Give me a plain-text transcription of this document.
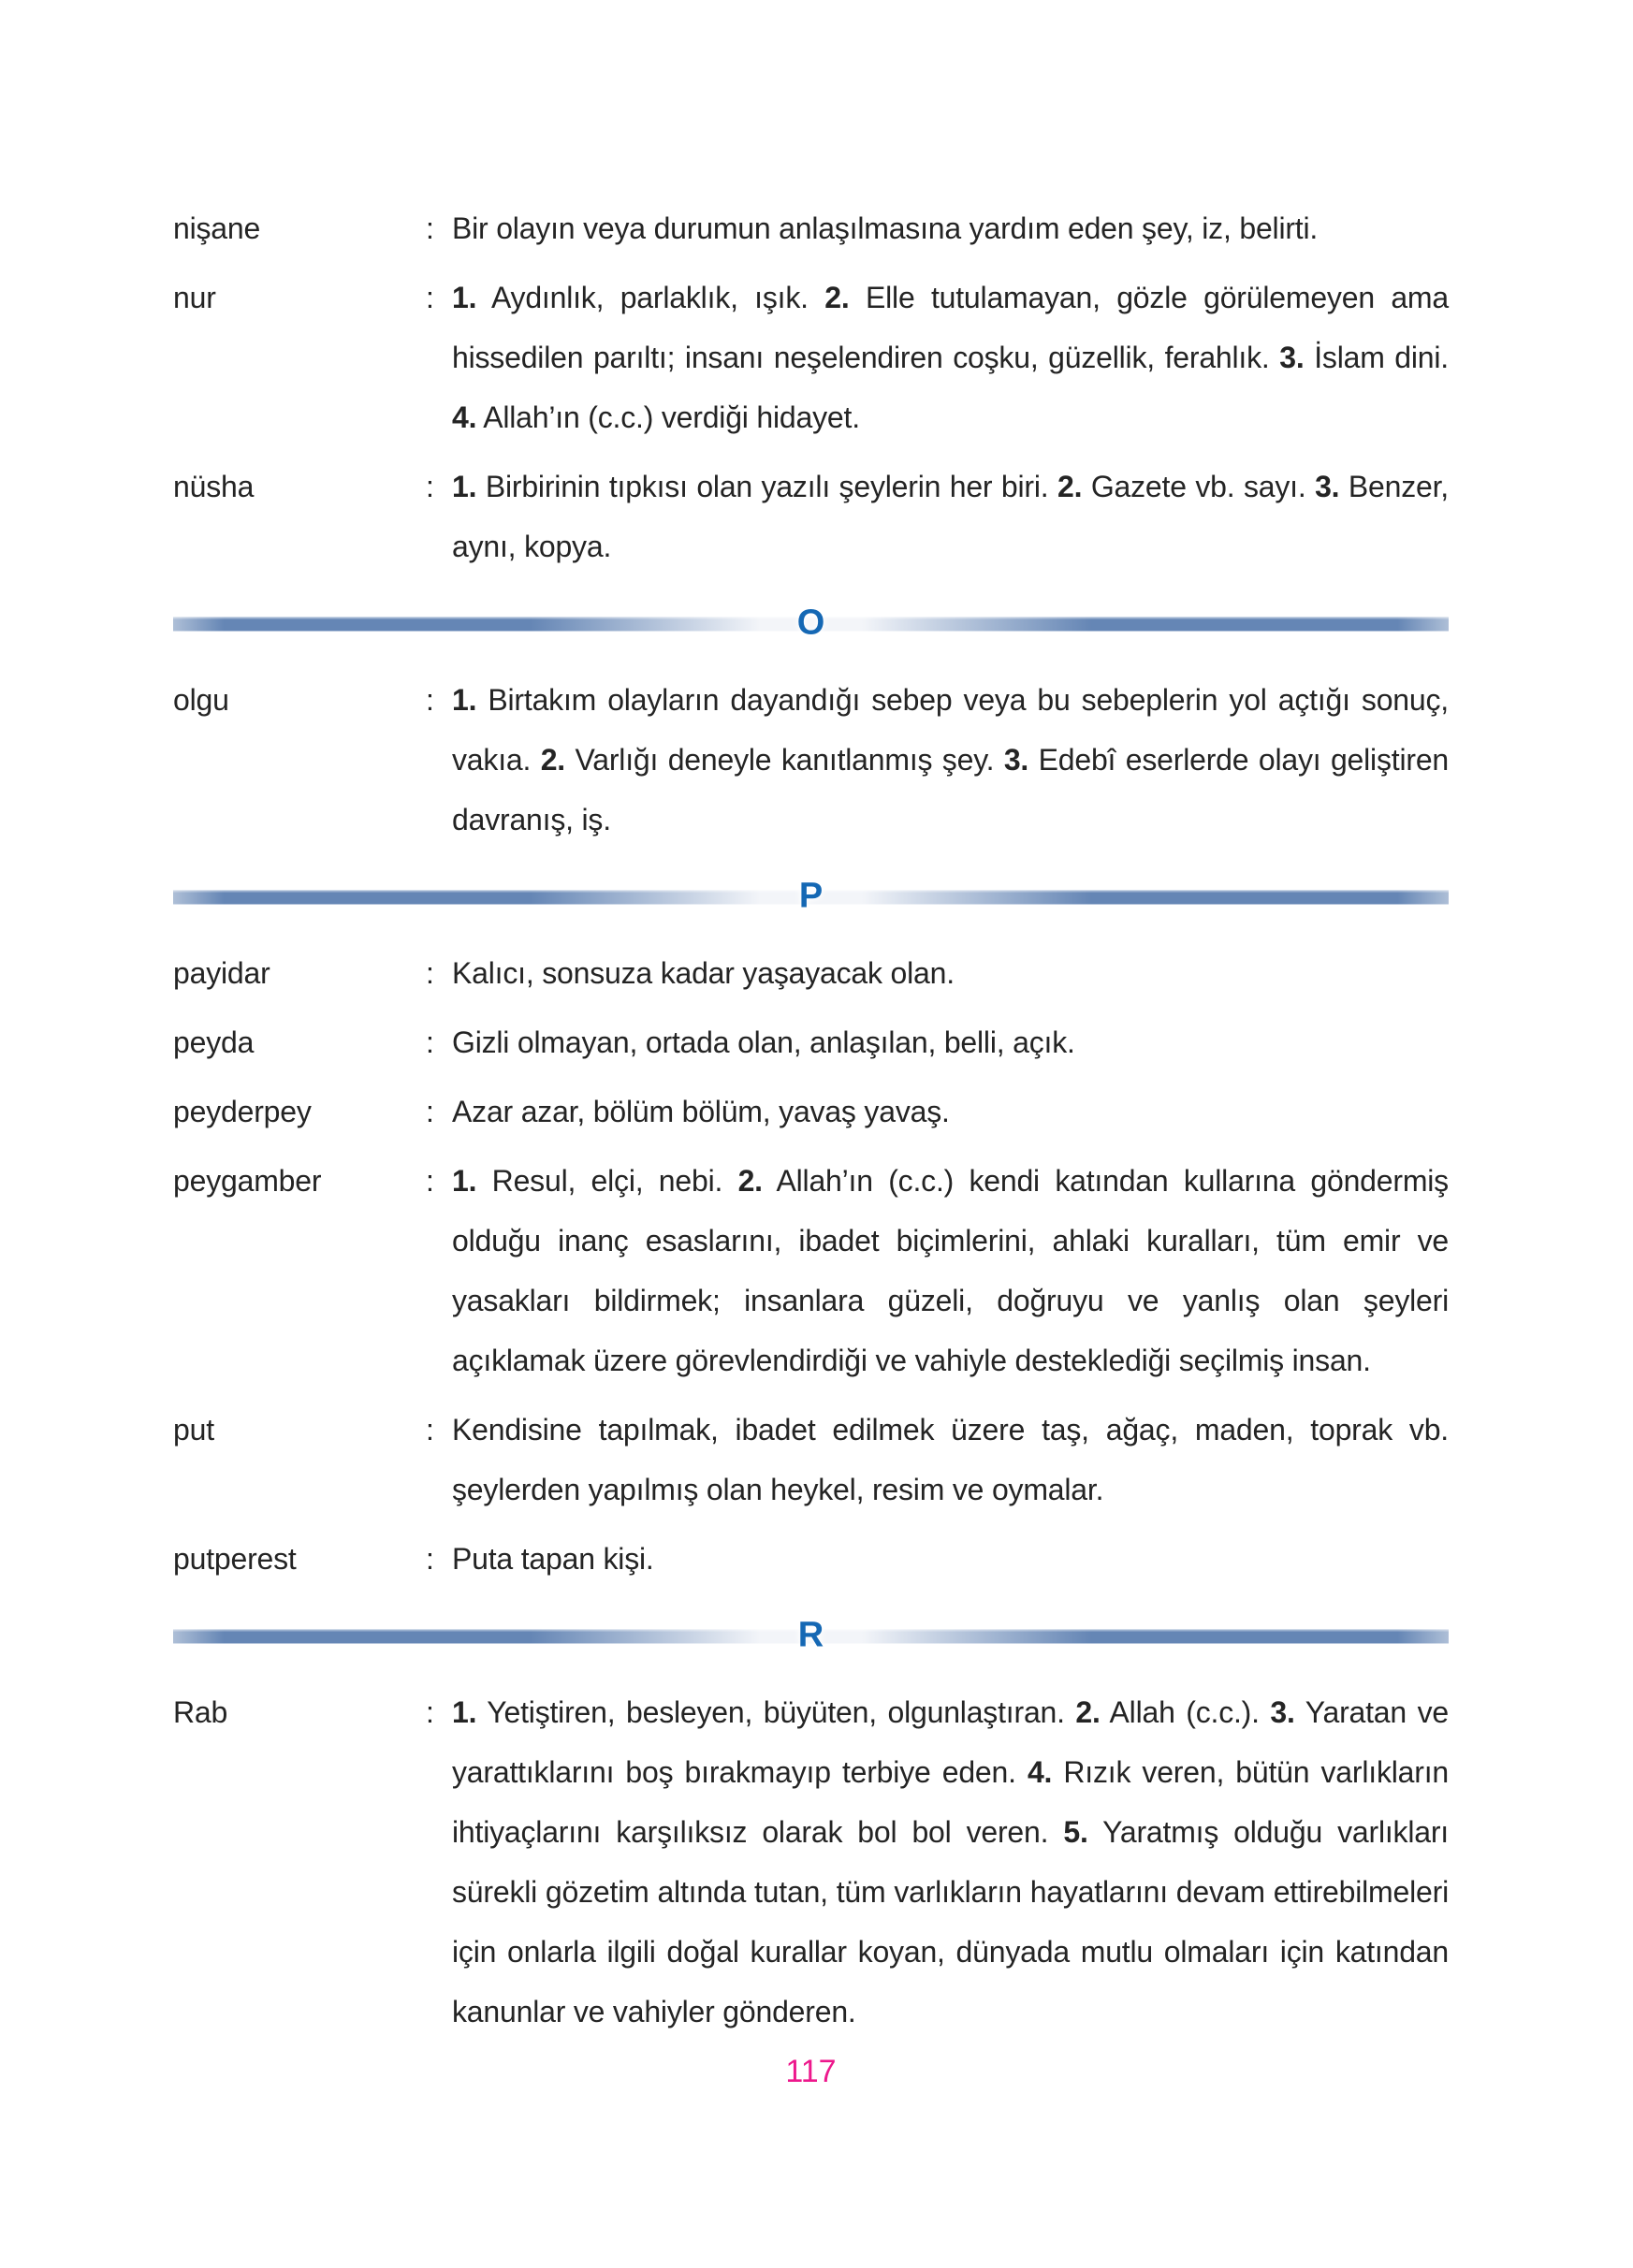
nişane	: Bir olayın veya durumun anlaşılmasına yardım eden şey, iz, belirti.
nur	: 1. Aydınlık, parlaklık, ışık. 2. Elle tutulamayan, gözle görülemeyen ama hissedilen parıltı; insanı neşelendiren coşku, güzellik, ferahlık. 3. İslam dini. 4. Allah’ın (c.c.) verdiği hidayet.
nüsha	: 1. Birbirinin tıpkısı olan yazılı şeylerin her biri. 2. Gazete vb. sayı. 3. Benzer, aynı, kopya.
O
olgu	: 1. Birtakım olayların dayandığı sebep veya bu sebeplerin yol açtığı sonuç, vakıa. 2. Varlığı deneyle kanıtlanmış şey. 3. Edebî eserlerde olayı geliştiren davranış, iş.
P
payidar	: Kalıcı, sonsuza kadar yaşayacak olan.
peyda	: Gizli olmayan, ortada olan, anlaşılan, belli, açık.
peyderpey	: Azar azar, bölüm bölüm, yavaş yavaş.
peygamber	: 1. Resul, elçi, nebi. 2. Allah’ın (c.c.) kendi katından kullarına göndermiş olduğu inanç esaslarını, ibadet biçimlerini, ahlaki kuralları, tüm emir ve yasakları bildirmek; insanlara güzeli, doğruyu ve yanlış olan şeyleri açıklamak üzere görevlendirdiği ve vahiyle desteklediği seçilmiş insan.
put	: Kendisine tapılmak, ibadet edilmek üzere taş, ağaç, maden, toprak vb. şeylerden yapılmış olan heykel, resim ve oymalar.
putperest	: Puta tapan kişi.
R
Rab	: 1. Yetiştiren, besleyen, büyüten, olgunlaştıran. 2. Allah (c.c.). 3. Yaratan ve yarattıklarını boş bırakmayıp terbiye eden. 4. Rızık veren, bütün varlıkların ihtiyaçlarını karşılıksız olarak bol bol veren. 5. Yaratmış olduğu varlıkları sürekli gözetim altında tutan, tüm varlıkların hayatlarını devam ettirebilmeleri için onlarla ilgili doğal kurallar koyan, dünyada mutlu olmaları için katından kanunlar ve vahiyler gönderen.
117
